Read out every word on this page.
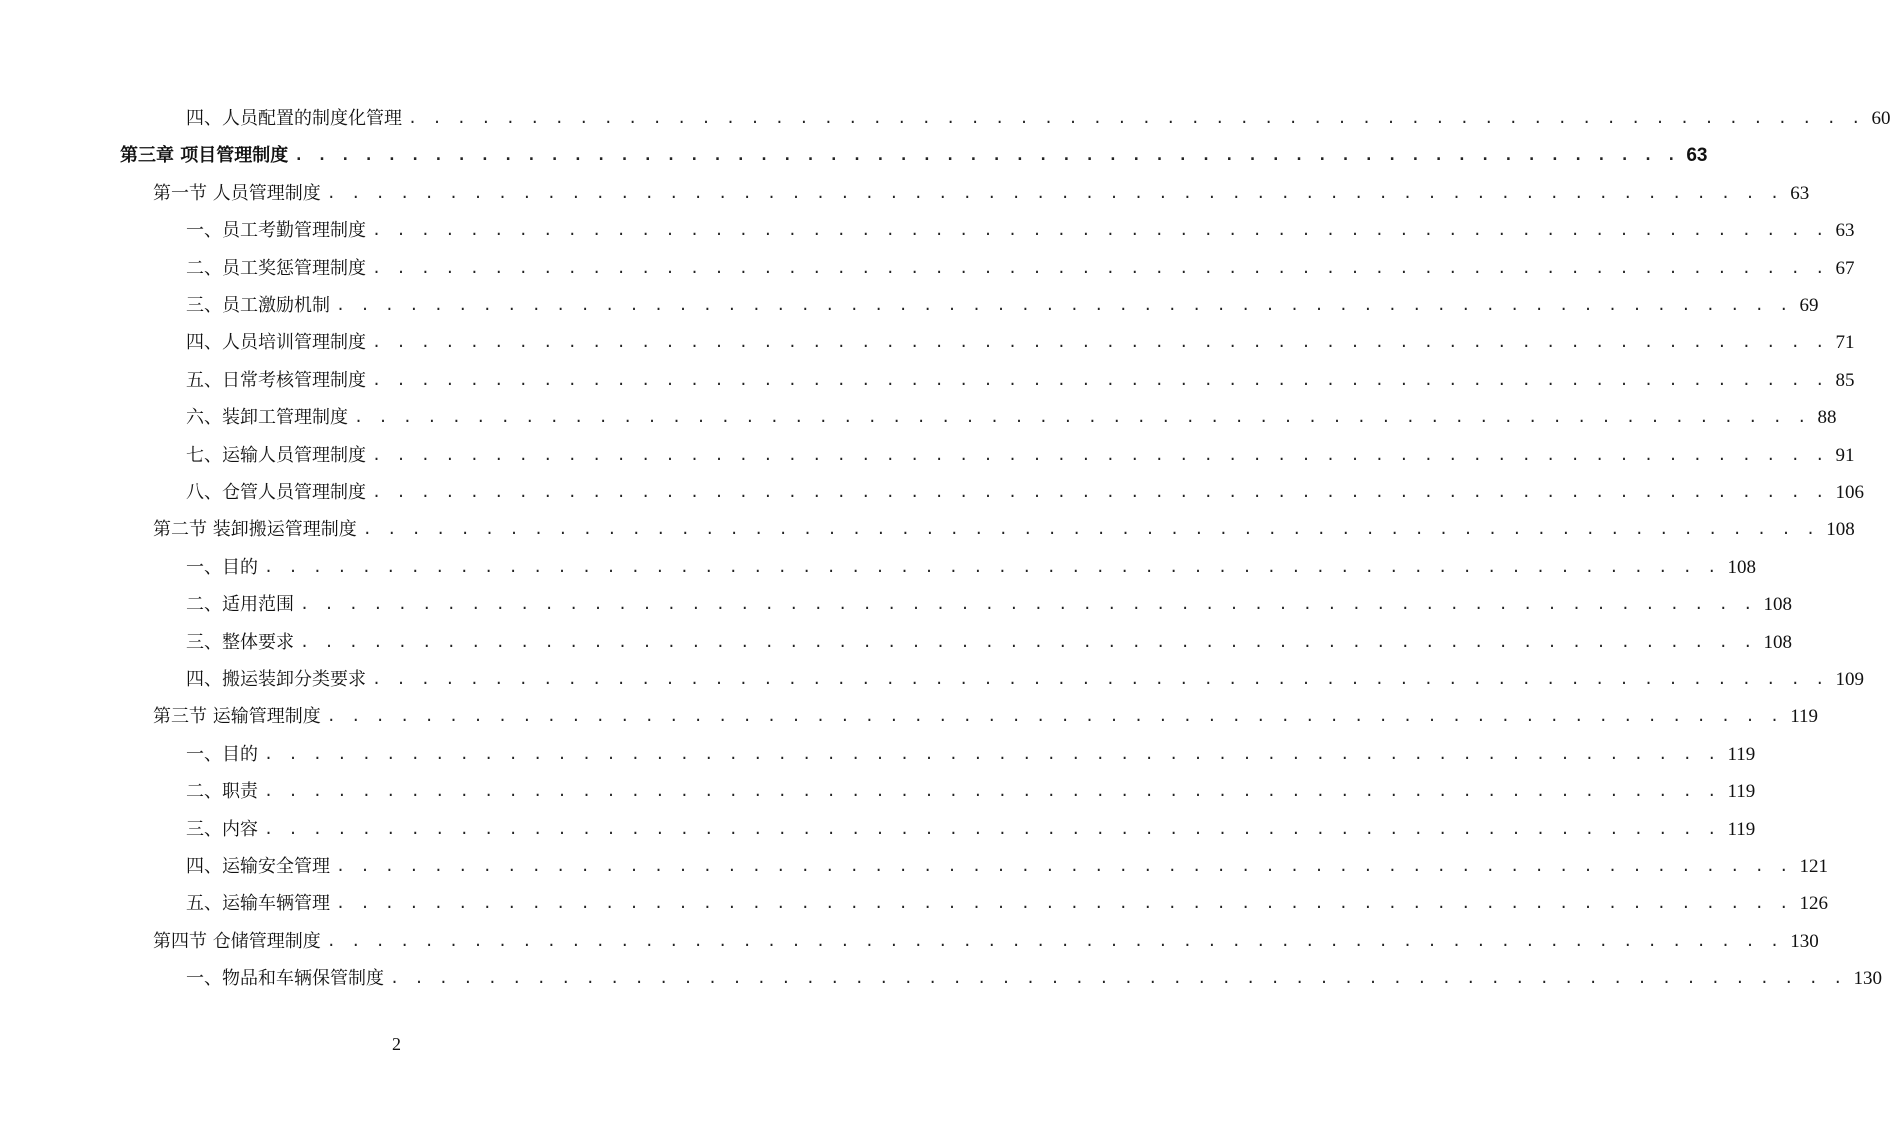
四、人员配置的制度化管理 . . . . . . . . . . . . . . . . . . . . . . . . . . . . . . . . . . . . . . . . . . . . . . . . . . . . . . . . . . . . 60
第三章 项目管理制度 . . . . . . . . . . . . . . . . . . . . . . . . . . . . . . . . . . . . . . . . . . . . . . . . . . . . . . . . . . . . 63
第一节 人员管理制度 . . . . . . . . . . . . . . . . . . . . . . . . . . . . . . . . . . . . . . . . . . . . . . . . . . . . . . . . . . . . 63
一、员工考勤管理制度 . . . . . . . . . . . . . . . . . . . . . . . . . . . . . . . . . . . . . . . . . . . . . . . . . . . . . . . . . . . . 63
二、员工奖惩管理制度 . . . . . . . . . . . . . . . . . . . . . . . . . . . . . . . . . . . . . . . . . . . . . . . . . . . . . . . . . . . . 67
三、员工激励机制 . . . . . . . . . . . . . . . . . . . . . . . . . . . . . . . . . . . . . . . . . . . . . . . . . . . . . . . . . . . . 69
四、人员培训管理制度 . . . . . . . . . . . . . . . . . . . . . . . . . . . . . . . . . . . . . . . . . . . . . . . . . . . . . . . . . . . . 71
五、日常考核管理制度 . . . . . . . . . . . . . . . . . . . . . . . . . . . . . . . . . . . . . . . . . . . . . . . . . . . . . . . . . . . . 85
六、装卸工管理制度 . . . . . . . . . . . . . . . . . . . . . . . . . . . . . . . . . . . . . . . . . . . . . . . . . . . . . . . . . . . . 88
七、运输人员管理制度 . . . . . . . . . . . . . . . . . . . . . . . . . . . . . . . . . . . . . . . . . . . . . . . . . . . . . . . . . . . . 91
八、仓管人员管理制度 . . . . . . . . . . . . . . . . . . . . . . . . . . . . . . . . . . . . . . . . . . . . . . . . . . . . . . . . . . . . 106
第二节 装卸搬运管理制度 . . . . . . . . . . . . . . . . . . . . . . . . . . . . . . . . . . . . . . . . . . . . . . . . . . . . . . . . . . . . 108
一、目的 . . . . . . . . . . . . . . . . . . . . . . . . . . . . . . . . . . . . . . . . . . . . . . . . . . . . . . . . . . . . 108
二、适用范围 . . . . . . . . . . . . . . . . . . . . . . . . . . . . . . . . . . . . . . . . . . . . . . . . . . . . . . . . . . . . 108
三、整体要求 . . . . . . . . . . . . . . . . . . . . . . . . . . . . . . . . . . . . . . . . . . . . . . . . . . . . . . . . . . . . 108
四、搬运装卸分类要求 . . . . . . . . . . . . . . . . . . . . . . . . . . . . . . . . . . . . . . . . . . . . . . . . . . . . . . . . . . . . 109
第三节 运输管理制度 . . . . . . . . . . . . . . . . . . . . . . . . . . . . . . . . . . . . . . . . . . . . . . . . . . . . . . . . . . . . 119
一、目的 . . . . . . . . . . . . . . . . . . . . . . . . . . . . . . . . . . . . . . . . . . . . . . . . . . . . . . . . . . . . 119
二、职责 . . . . . . . . . . . . . . . . . . . . . . . . . . . . . . . . . . . . . . . . . . . . . . . . . . . . . . . . . . . . 119
三、内容 . . . . . . . . . . . . . . . . . . . . . . . . . . . . . . . . . . . . . . . . . . . . . . . . . . . . . . . . . . . . 119
四、运输安全管理 . . . . . . . . . . . . . . . . . . . . . . . . . . . . . . . . . . . . . . . . . . . . . . . . . . . . . . . . . . . . 121
五、运输车辆管理 . . . . . . . . . . . . . . . . . . . . . . . . . . . . . . . . . . . . . . . . . . . . . . . . . . . . . . . . . . . . 126
第四节 仓储管理制度 . . . . . . . . . . . . . . . . . . . . . . . . . . . . . . . . . . . . . . . . . . . . . . . . . . . . . . . . . . . . 130
一、物品和车辆保管制度 . . . . . . . . . . . . . . . . . . . . . . . . . . . . . . . . . . . . . . . . . . . . . . . . . . . . . . . . . . . . 130
2
